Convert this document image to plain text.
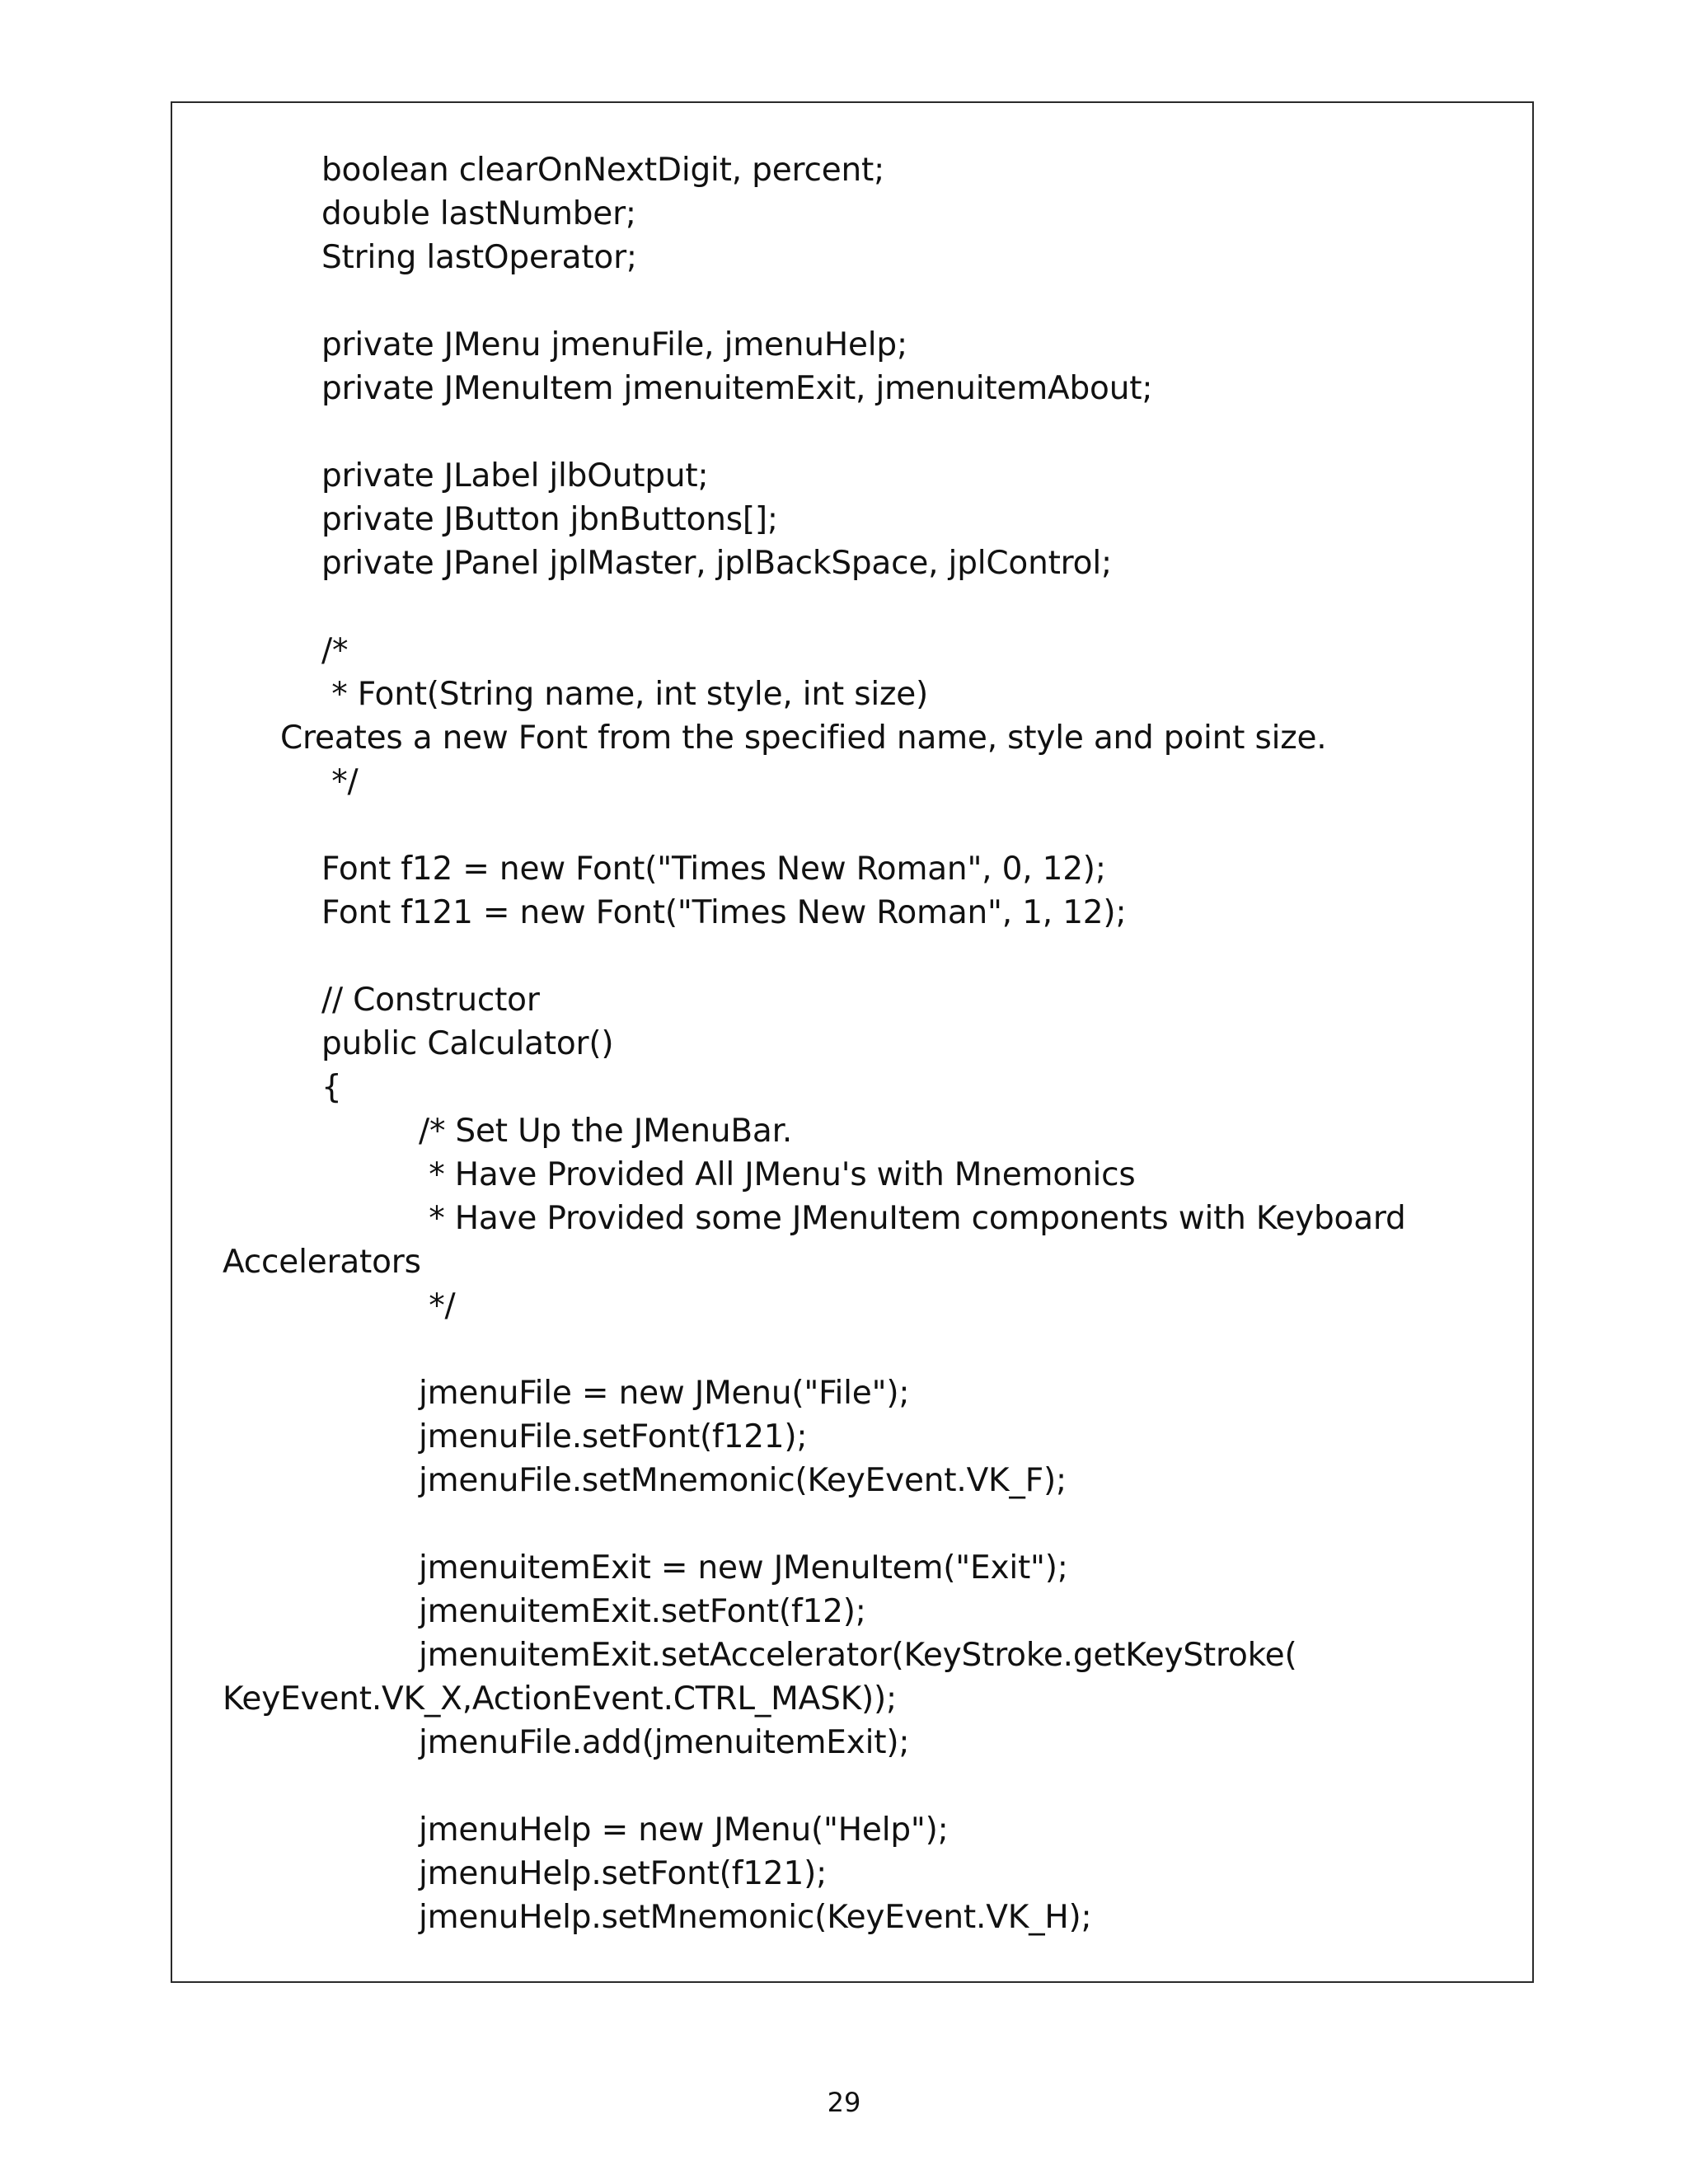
boolean clearOnNextDigit, percent;
double lastNumber;
String lastOperator;
private JMenu jmenuFile, jmenuHelp;
private JMenuItem jmenuitemExit, jmenuitemAbout;
private JLabel jlbOutput;
private JButton jbnButtons[];
private JPanel jplMaster, jplBackSpace, jplControl;
/*
* Font(String name, int style, int size)
Creates a new Font from the specified name, style and point size.
*/
Font f12 = new Font("Times New Roman", 0, 12);
Font f121 = new Font("Times New Roman", 1, 12);
// Constructor
public Calculator()
{
/* Set Up the JMenuBar.
* Have Provided All JMenu's with Mnemonics
* Have Provided some JMenuItem components with Keyboard
Accelerators
*/
jmenuFile = new JMenu("File");
jmenuFile.setFont(f121);
jmenuFile.setMnemonic(KeyEvent.VK_F);
jmenuitemExit = new JMenuItem("Exit");
jmenuitemExit.setFont(f12);
jmenuitemExit.setAccelerator(KeyStroke.getKeyStroke(
KeyEvent.VK_X,ActionEvent.CTRL_MASK));
jmenuFile.add(jmenuitemExit);
jmenuHelp = new JMenu("Help");
jmenuHelp.setFont(f121);
jmenuHelp.setMnemonic(KeyEvent.VK_H);
29
